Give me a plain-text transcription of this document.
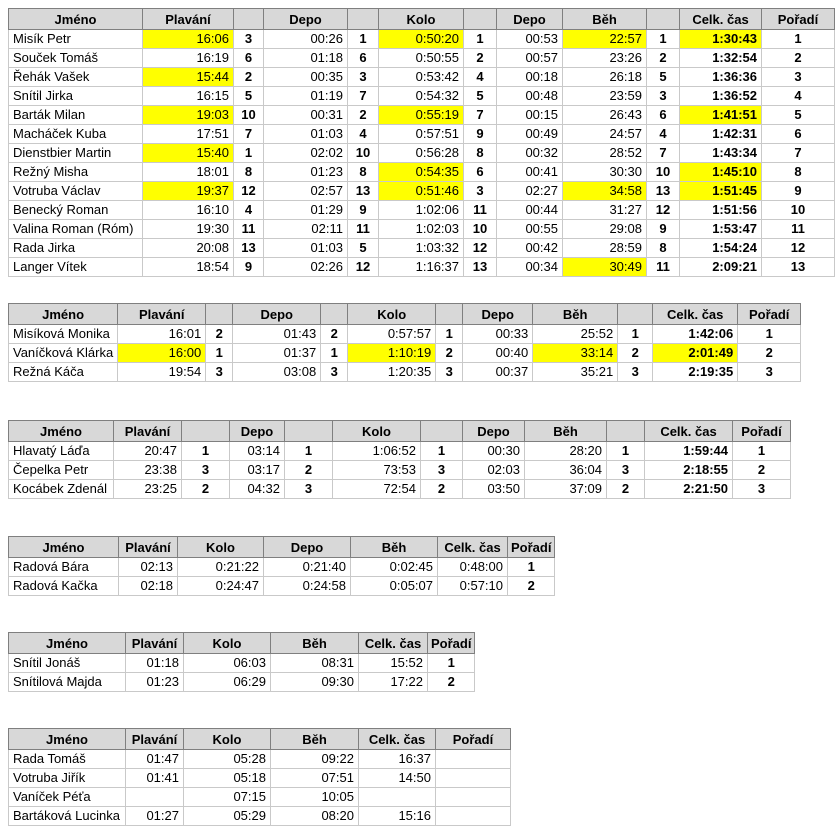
Jméno	Plavání		Depo		Kolo		Depo	Běh		Celk. čas	Pořadí
Misík Petr	16:06	3	00:26	1	0:50:20	1	00:53	22:57	1	1:30:43	1
Souček Tomáš	16:19	6	01:18	6	0:50:55	2	00:57	23:26	2	1:32:54	2
Řehák Vašek	15:44	2	00:35	3	0:53:42	4	00:18	26:18	5	1:36:36	3
Snítil Jirka	16:15	5	01:19	7	0:54:32	5	00:48	23:59	3	1:36:52	4
Barták Milan	19:03	10	00:31	2	0:55:19	7	00:15	26:43	6	1:41:51	5
Macháček Kuba	17:51	7	01:03	4	0:57:51	9	00:49	24:57	4	1:42:31	6
Dienstbier Martin	15:40	1	02:02	10	0:56:28	8	00:32	28:52	7	1:43:34	7
Režný Misha	18:01	8	01:23	8	0:54:35	6	00:41	30:30	10	1:45:10	8
Votruba Václav	19:37	12	02:57	13	0:51:46	3	02:27	34:58	13	1:51:45	9
Benecký Roman	16:10	4	01:29	9	1:02:06	11	00:44	31:27	12	1:51:56	10
Valina Roman (Róm)	19:30	11	02:11	11	1:02:03	10	00:55	29:08	9	1:53:47	11
Rada Jirka	20:08	13	01:03	5	1:03:32	12	00:42	28:59	8	1:54:24	12
Langer Vítek	18:54	9	02:26	12	1:16:37	13	00:34	30:49	11	2:09:21	13
Jméno	Plavání		Depo		Kolo		Depo	Běh		Celk. čas	Pořadí
Misíková Monika	16:01	2	01:43	2	0:57:57	1	00:33	25:52	1	1:42:06	1
Vaníčková Klárka	16:00	1	01:37	1	1:10:19	2	00:40	33:14	2	2:01:49	2
Režná Káča	19:54	3	03:08	3	1:20:35	3	00:37	35:21	3	2:19:35	3
Jméno	Plavání		Depo		Kolo		Depo	Běh		Celk. čas	Pořadí
Hlavatý Láďa	20:47	1	03:14	1	1:06:52	1	00:30	28:20	1	1:59:44	1
Čepelka Petr	23:38	3	03:17	2	73:53	3	02:03	36:04	3	2:18:55	2
Kocábek Zdenál	23:25	2	04:32	3	72:54	2	03:50	37:09	2	2:21:50	3
Jméno	Plavání	Kolo	Depo	Běh	Celk. čas	Pořadí
Radová Bára	02:13	0:21:22	0:21:40	0:02:45	0:48:00	1
Radová Kačka	02:18	0:24:47	0:24:58	0:05:07	0:57:10	2
Jméno	Plavání	Kolo	Běh	Celk. čas	Pořadí
Snítil Jonáš	01:18	06:03	08:31	15:52	1
Snítilová Majda	01:23	06:29	09:30	17:22	2
Jméno	Plavání	Kolo	Běh	Celk. čas	Pořadí
Rada Tomáš	01:47	05:28	09:22	16:37	
Votruba Jiřík	01:41	05:18	07:51	14:50	
Vaníček Péťa		07:15	10:05		
Bartáková Lucinka	01:27	05:29	08:20	15:16	
